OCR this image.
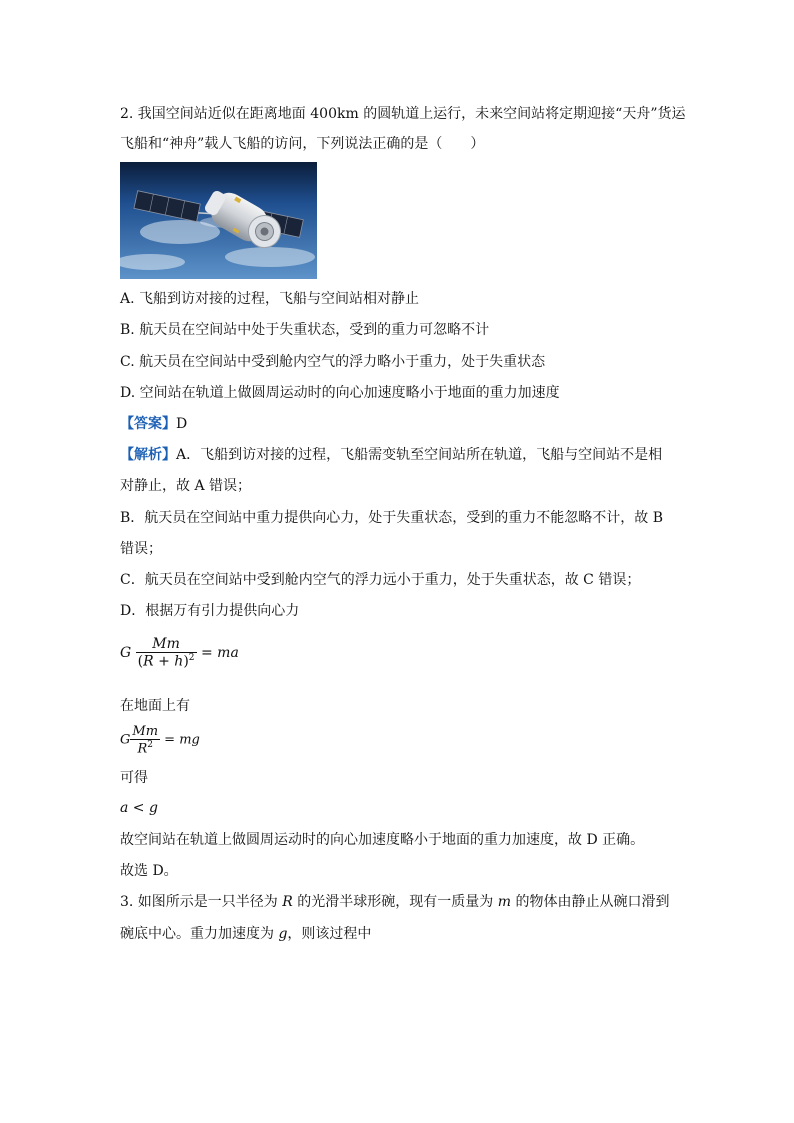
2. 我国空间站近似在距离地面 400km 的圆轨道上运行，未来空间站将定期迎接“天舟”货运
飞船和“神舟”载人飞船的访问，下列说法正确的是（　　）
A. 飞船到访对接的过程，飞船与空间站相对静止
B. 航天员在空间站中处于失重状态，受到的重力可忽略不计
C. 航天员在空间站中受到舱内空气的浮力略小于重力，处于失重状态
D. 空间站在轨道上做圆周运动时的向心加速度略小于地面的重力加速度
【答案】D
【解析】A．飞船到访对接的过程，飞船需变轨至空间站所在轨道，飞船与空间站不是相
对静止，故 A 错误；
B．航天员在空间站中重力提供向心力，处于失重状态，受到的重力不能忽略不计，故 B
错误；
C．航天员在空间站中受到舱内空气的浮力远小于重力，处于失重状态，故 C 错误；
D．根据万有引力提供向心力
G $\frac{Mm}{(R + h)^2}$ = ma
在地面上有
G $\frac{Mm}{R^2}$ = mg
可得
a < g
故空间站在轨道上做圆周运动时的向心加速度略小于地面的重力加速度，故 D 正确。
故选 D。
3. 如图所示是一只半径为 R 的光滑半球形碗，现有一质量为 m 的物体由静止从碗口滑到
碗底中心。重力加速度为 g，则该过程中
